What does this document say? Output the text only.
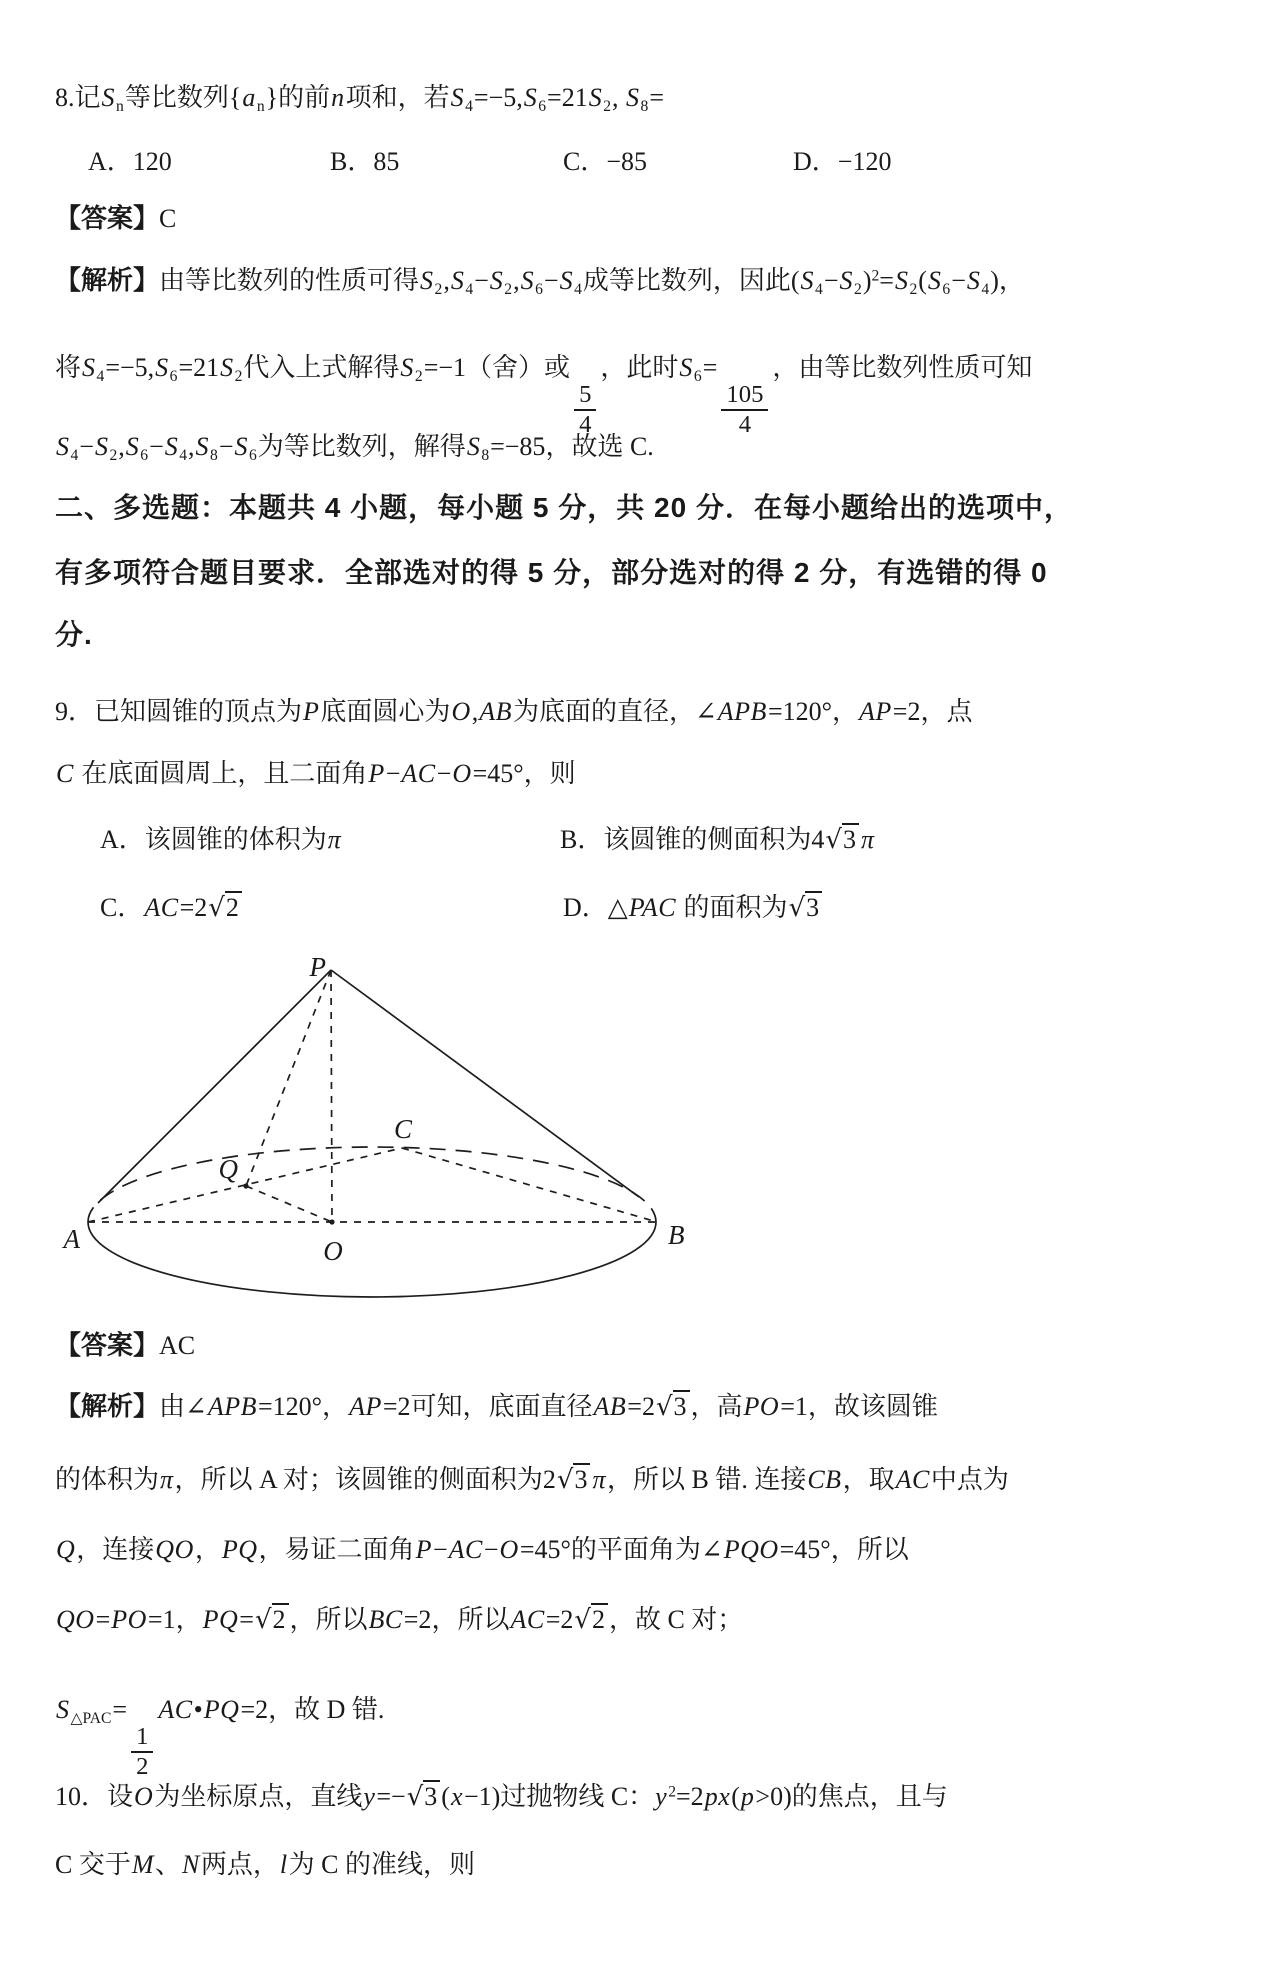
8.记$S_n$等比数列$\{a_n\}$的前n项和，若$S_4=-5,S_6=21S_2$, $S_8=$
A．120	B．85	C．−85	D．−120
【答案】C
【解析】由等比数列的性质可得$S_2,S_4-S_2,S_6-S_4$成等比数列，因此$(S_4-S_2)^2=S_2(S_6-S_4)$，
将$S_4=-5,S_6=21S_2$代入上式解得$S_2=-1$（舍）或
$\frac{5}{4}$
，此时$S_6=$
$\frac{105}{4}$
，由等比数列性质可知
$S_4-S_2,S_6-S_4,S_8-S_6$为等比数列，解得$S_8=-85$，故选 C.
二、多选题：本题共 4 小题，每小题 5 分，共 20 分．在每小题给出的选项中，
有多项符合题目要求．全部选对的得 5 分，部分选对的得 2 分，有选错的得 0
分.
9．已知圆锥的顶点为P底面圆心为O,AB为底面的直径，∠APB=120°，AP=2，点
C 在底面圆周上，且二面角P−AC−O=45°，则
A．该圆锥的体积为π	B．该圆锥的侧面积为4√3 π
C．AC=2√2	D．△PAC 的面积为√3
P
A	B
C
O
Q
【答案】AC
【解析】由∠APB=120°，AP=2可知，底面直径AB=2√3 ，高PO=1，故该圆锥
的体积为π，所以 A 对；该圆锥的侧面积为2√3 π，所以 B 错. 连接CB，取AC中点为
Q，连接QO，PQ，易证二面角P−AC−O=45°的平面角为∠PQO=45°，所以
QO=PO=1，PQ=√2 ，所以BC=2，所以AC=2√2 ，故 C 对；
$S_{\triangle PAC}=$
$\frac{1}{2}$
AC•PQ=2，故 D 错.
10．设O为坐标原点，直线y=−√3 (x−1)过抛物线 C：$y^2=2px(p>0)$的焦点，且与
C 交于M、N两点，l为 C 的准线，则
